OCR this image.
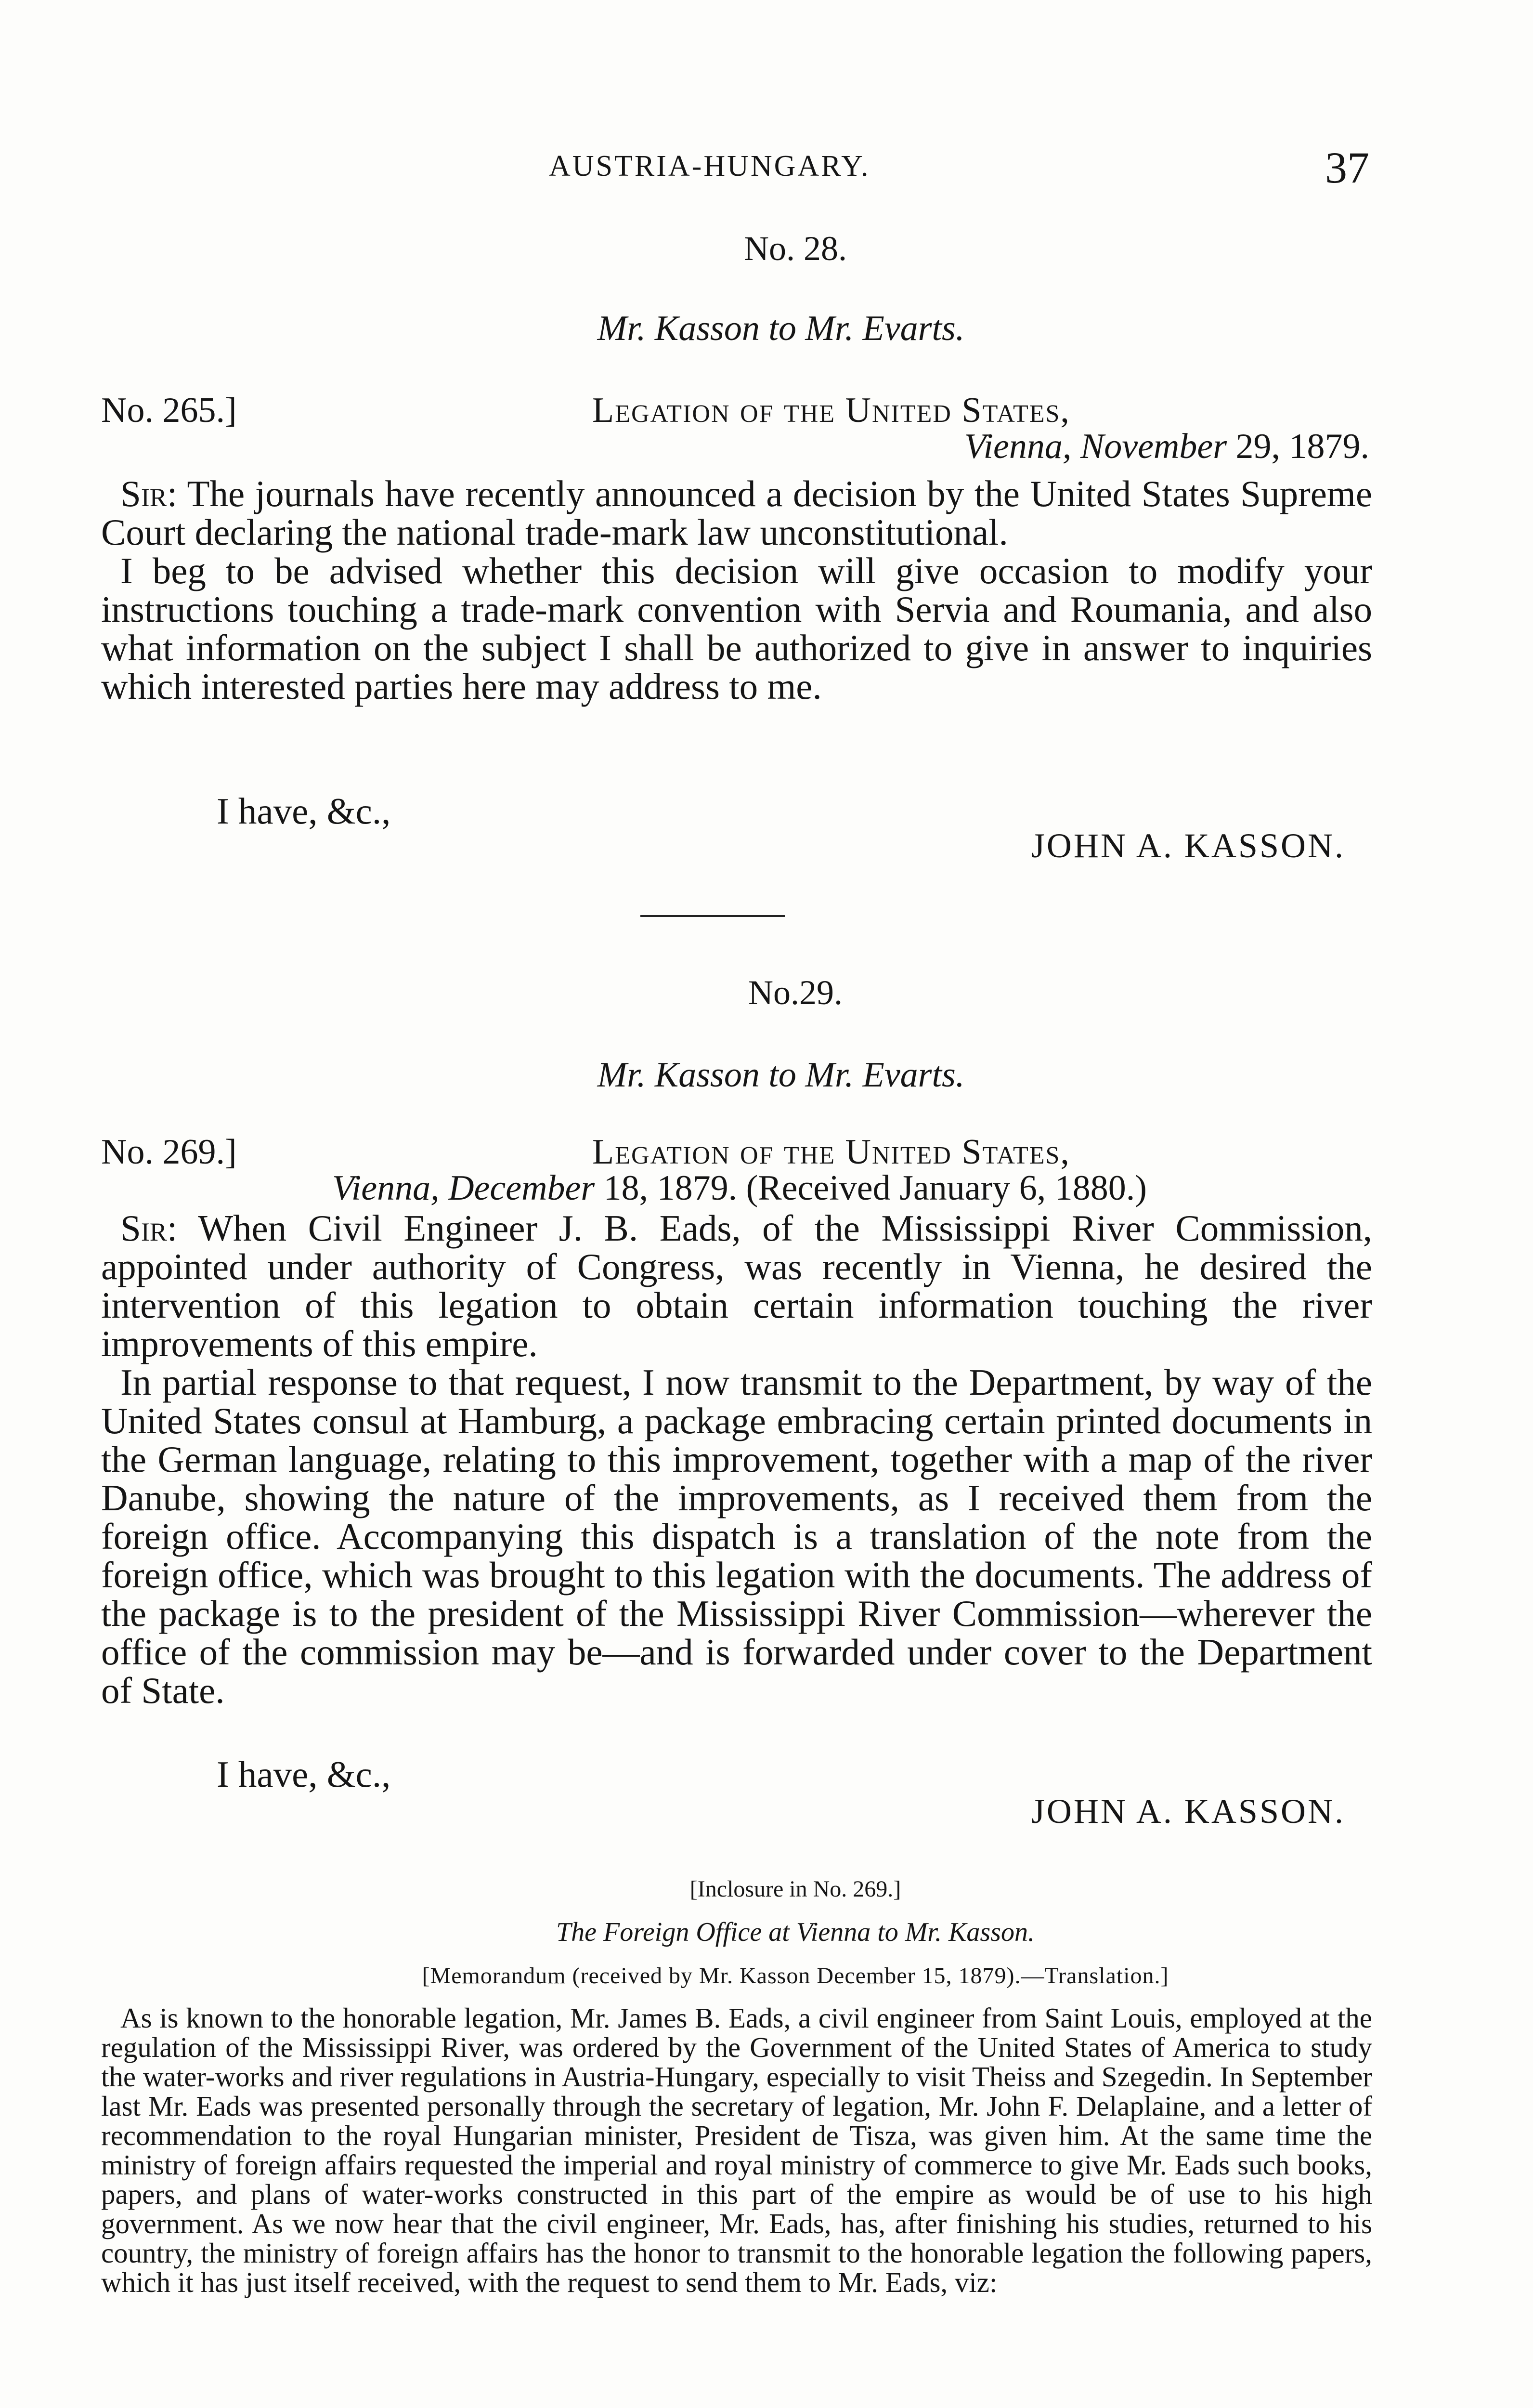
AUSTRIA-HUNGARY.	37
No. 28.
Mr. Kasson to Mr. Evarts.
No. 265.]	Legation of the United States,
Vienna, November 29, 1879.

Sir: The journals have recently announced a decision by the United States Supreme Court declaring the national trade-mark law unconstitutional.

I beg to be advised whether this decision will give occasion to modify your instructions touching a trade-mark convention with Servia and Roumania, and also what information on the subject I shall be authorized to give in answer to inquiries which interested parties here may address to me.

I have, &c.,
JOHN A. KASSON.
No.29.
Mr. Kasson to Mr. Evarts.
No. 269.]	Legation of the United States,
Vienna, December 18, 1879. (Received January 6, 1880.)

Sir: When Civil Engineer J. B. Eads, of the Mississippi River Commission, appointed under authority of Congress, was recently in Vienna, he desired the intervention of this legation to obtain certain information touching the river improvements of this empire.

In partial response to that request, I now transmit to the Department, by way of the United States consul at Hamburg, a package embracing certain printed documents in the German language, relating to this improvement, together with a map of the river Danube, showing the nature of the improvements, as I received them from the foreign office. Accompanying this dispatch is a translation of the note from the foreign office, which was brought to this legation with the documents. The address of the package is to the president of the Mississippi River Commission—wherever the office of the commission may be—and is forwarded under cover to the Department of State.

I have, &c.,
JOHN A. KASSON.
[Inclosure in No. 269.]
The Foreign Office at Vienna to Mr. Kasson.
[Memorandum (received by Mr. Kasson December 15, 1879).—Translation.]

As is known to the honorable legation, Mr. James B. Eads, a civil engineer from Saint Louis, employed at the regulation of the Mississippi River, was ordered by the Government of the United States of America to study the water-works and river regulations in Austria-Hungary, especially to visit Theiss and Szegedin. In September last Mr. Eads was presented personally through the secretary of legation, Mr. John F. Delaplaine, and a letter of recommendation to the royal Hungarian minister, President de Tisza, was given him. At the same time the ministry of foreign affairs requested the imperial and royal ministry of commerce to give Mr. Eads such books, papers, and plans of water-works constructed in this part of the empire as would be of use to his high government. As we now hear that the civil engineer, Mr. Eads, has, after finishing his studies, returned to his country, the ministry of foreign affairs has the honor to transmit to the honorable legation the following papers, which it has just itself received, with the request to send them to Mr. Eads, viz:
